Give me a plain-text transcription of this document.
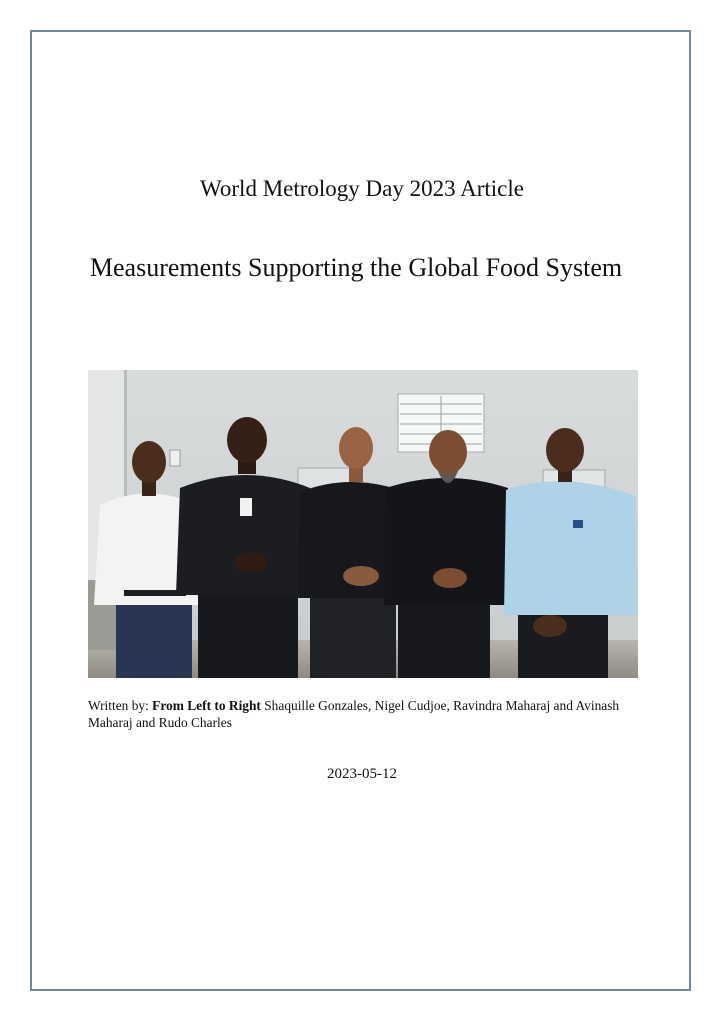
World Metrology Day 2023 Article
Measurements Supporting the Global Food System
Written by: From Left to Right Shaquille Gonzales, Nigel Cudjoe, Ravindra Maharaj and Avinash Maharaj and Rudo Charles
2023-05-12
